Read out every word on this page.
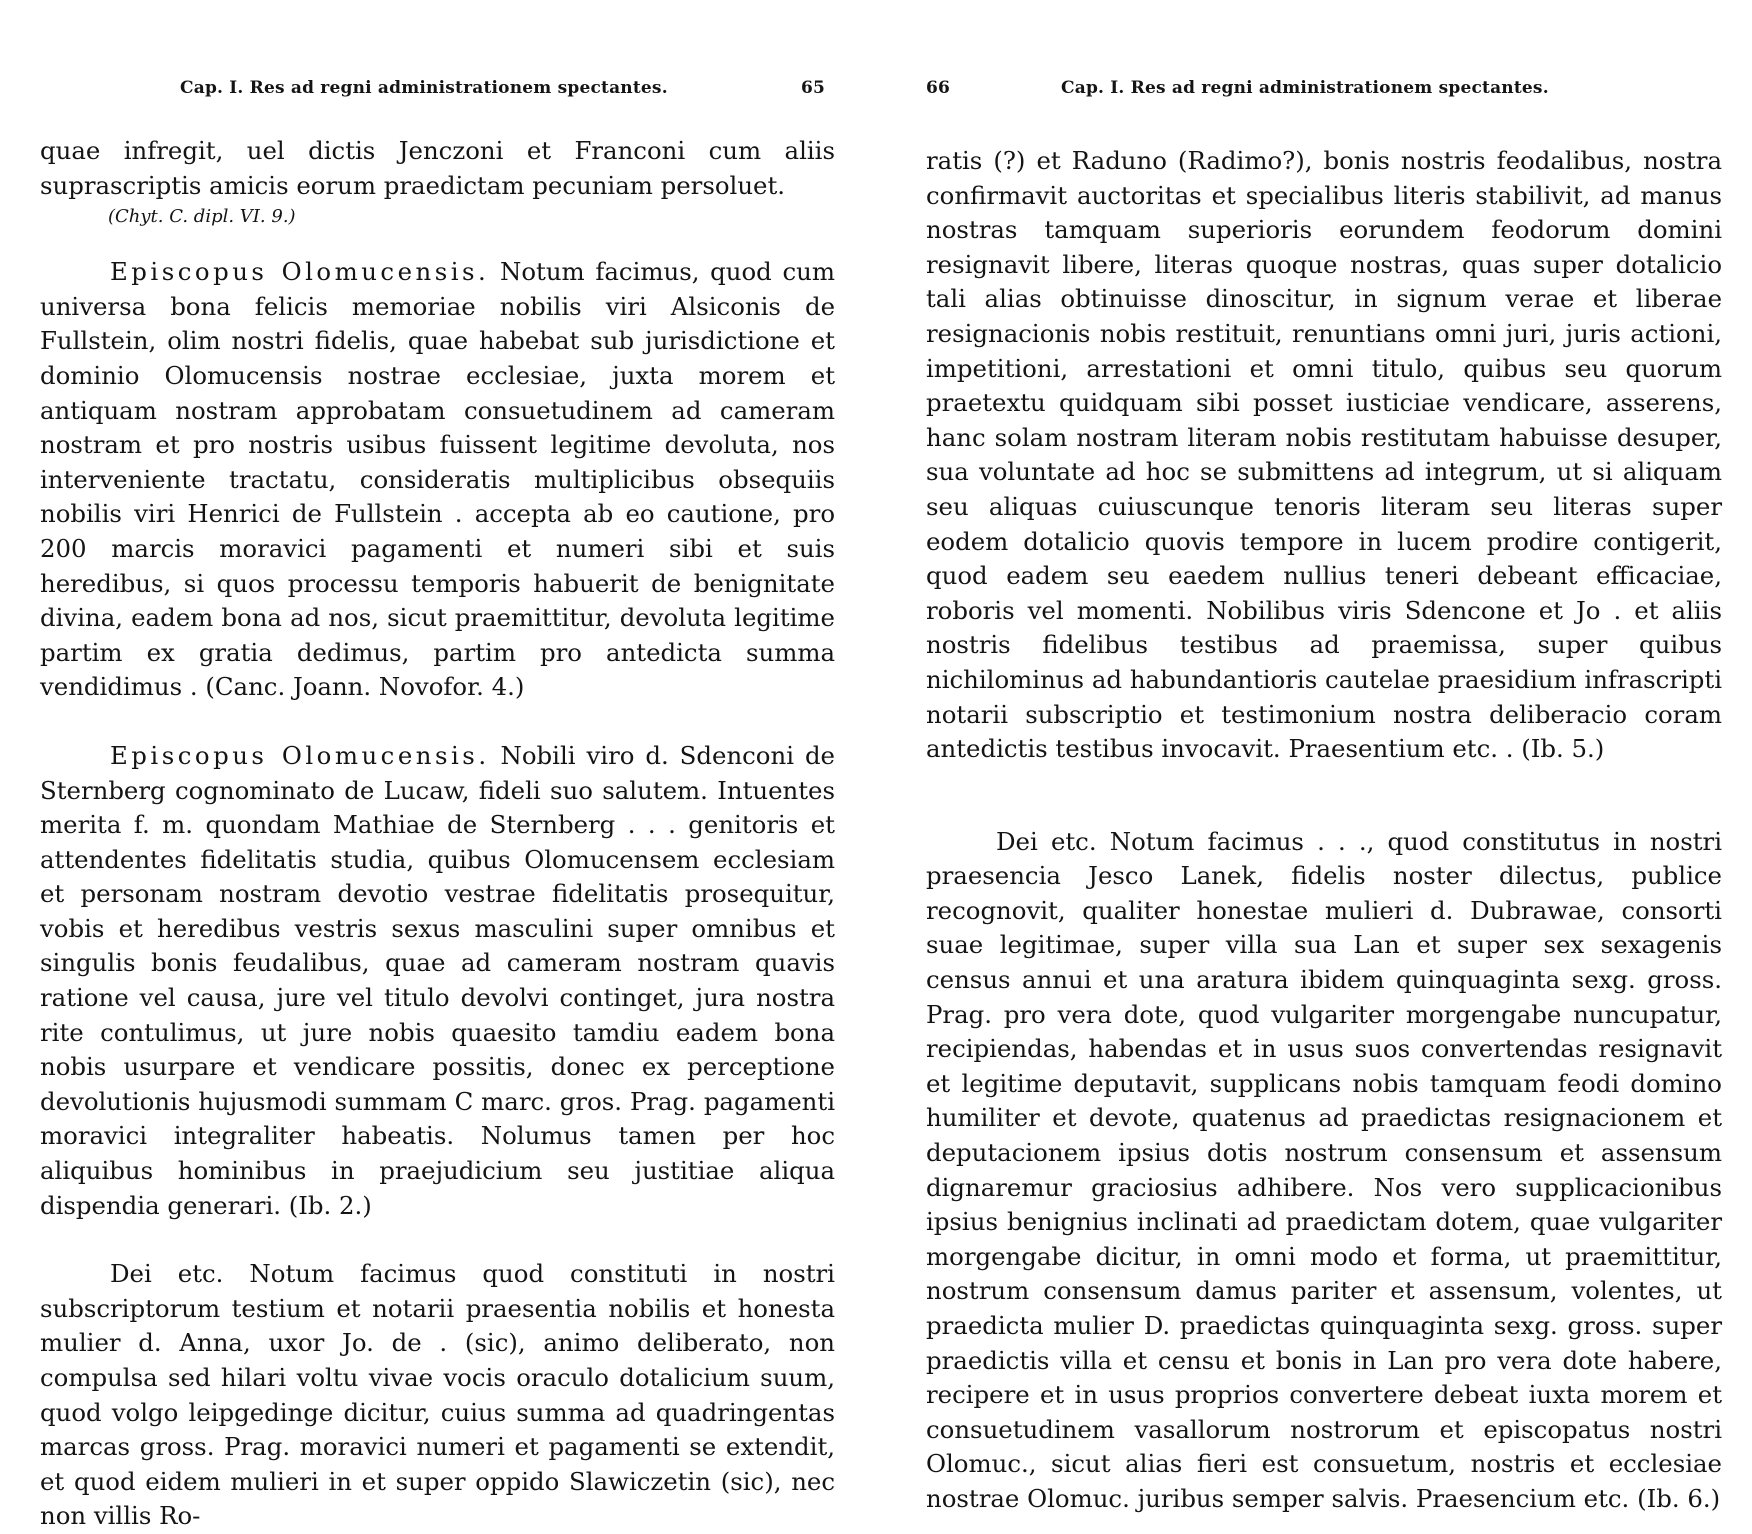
Cap. I. Res ad regni administrationem spectantes.	65

quae infregit, uel dictis Jenczoni et Franconi cum aliis suprascriptis amicis eorum praedictam pecuniam persoluet.

(Chyt. C. dipl. VI. 9.)

Episcopus Olomucensis. Notum facimus, quod cum universa bona felicis memoriae nobilis viri Alsiconis de Fullstein, olim nostri fidelis, quae habebat sub jurisdictione et dominio Olomucensis nostrae ecclesiae, juxta morem et antiquam nostram approbatam consuetudinem ad cameram nostram et pro nostris usibus fuissent legitime devoluta, nos interveniente tractatu, consideratis multiplicibus obsequiis nobilis viri Henrici de Fullstein . accepta ab eo cautione, pro 200 marcis moravici pagamenti et numeri sibi et suis heredibus, si quos processu temporis habuerit de benignitate divina, eadem bona ad nos, sicut praemittitur, devoluta legitime partim ex gratia dedimus, partim pro antedicta summa vendidimus . (Canc. Joann. Novofor. 4.)

Episcopus Olomucensis. Nobili viro d. Sdenconi de Sternberg cognominato de Lucaw, fideli suo salutem. Intuentes merita f. m. quondam Mathiae de Sternberg . . . genitoris et attendentes fidelitatis studia, quibus Olomucensem ecclesiam et personam nostram devotio vestrae fidelitatis prosequitur, vobis et heredibus vestris sexus masculini super omnibus et singulis bonis feudalibus, quae ad cameram nostram quavis ratione vel causa, jure vel titulo devolvi continget, jura nostra rite contulimus, ut jure nobis quaesito tamdiu eadem bona nobis usurpare et vendicare possitis, donec ex perceptione devolutionis hujusmodi summam C marc. gros. Prag. pagamenti moravici integraliter habeatis. Nolumus tamen per hoc aliquibus hominibus in praejudicium seu justitiae aliqua dispendia generari. (Ib. 2.)

Dei etc. Notum facimus quod constituti in nostri subscriptorum testium et notarii praesentia nobilis et honesta mulier d. Anna, uxor Jo. de . (sic), animo deliberato, non compulsa sed hilari voltu vivae vocis oraculo dotalicium suum, quod volgo leipgedinge dicitur, cuius summa ad quadringentas marcas gross. Prag. moravici numeri et pagamenti se extendit, et quod eidem mulieri in et super oppido Slawiczetin (sic), nec non villis Ro-

66	Cap. I. Res ad regni administrationem spectantes.

ratis (?) et Raduno (Radimo?), bonis nostris feodalibus, nostra confirmavit auctoritas et specialibus literis stabilivit, ad manus nostras tamquam superioris eorundem feodorum domini resignavit libere, literas quoque nostras, quas super dotalicio tali alias obtinuisse dinoscitur, in signum verae et liberae resignacionis nobis restituit, renuntians omni juri, juris actioni, impetitioni, arrestationi et omni titulo, quibus seu quorum praetextu quidquam sibi posset iusticiae vendicare, asserens, hanc solam nostram literam nobis restitutam habuisse desuper, sua voluntate ad hoc se submittens ad integrum, ut si aliquam seu aliquas cuiuscunque tenoris literam seu literas super eodem dotalicio quovis tempore in lucem prodire contigerit, quod eadem seu eaedem nullius teneri debeant efficaciae, roboris vel momenti. Nobilibus viris Sdencone et Jo . et aliis nostris fidelibus testibus ad praemissa, super quibus nichilominus ad habundantioris cautelae praesidium infrascripti notarii subscriptio et testimonium nostra deliberacio coram antedictis testibus invocavit. Praesentium etc. . (Ib. 5.)

Dei etc. Notum facimus . . ., quod constitutus in nostri praesencia Jesco Lanek, fidelis noster dilectus, publice recognovit, qualiter honestae mulieri d. Dubrawae, consorti suae legitimae, super villa sua Lan et super sex sexagenis census annui et una aratura ibidem quinquaginta sexg. gross. Prag. pro vera dote, quod vulgariter morgengabe nuncupatur, recipiendas, habendas et in usus suos convertendas resignavit et legitime deputavit, supplicans nobis tamquam feodi domino humiliter et devote, quatenus ad praedictas resignacionem et deputacionem ipsius dotis nostrum consensum et assensum dignaremur graciosius adhibere. Nos vero supplicacionibus ipsius benignius inclinati ad praedictam dotem, quae vulgariter morgengabe dicitur, in omni modo et forma, ut praemittitur, nostrum consensum damus pariter et assensum, volentes, ut praedicta mulier D. praedictas quinquaginta sexg. gross. super praedictis villa et censu et bonis in Lan pro vera dote habere, recipere et in usus proprios convertere debeat iuxta morem et consuetudinem vasallorum nostrorum et episcopatus nostri Olomuc., sicut alias fieri est consuetum, nostris et ecclesiae nostrae Olomuc. juribus semper salvis. Praesencium etc. (Ib. 6.)
